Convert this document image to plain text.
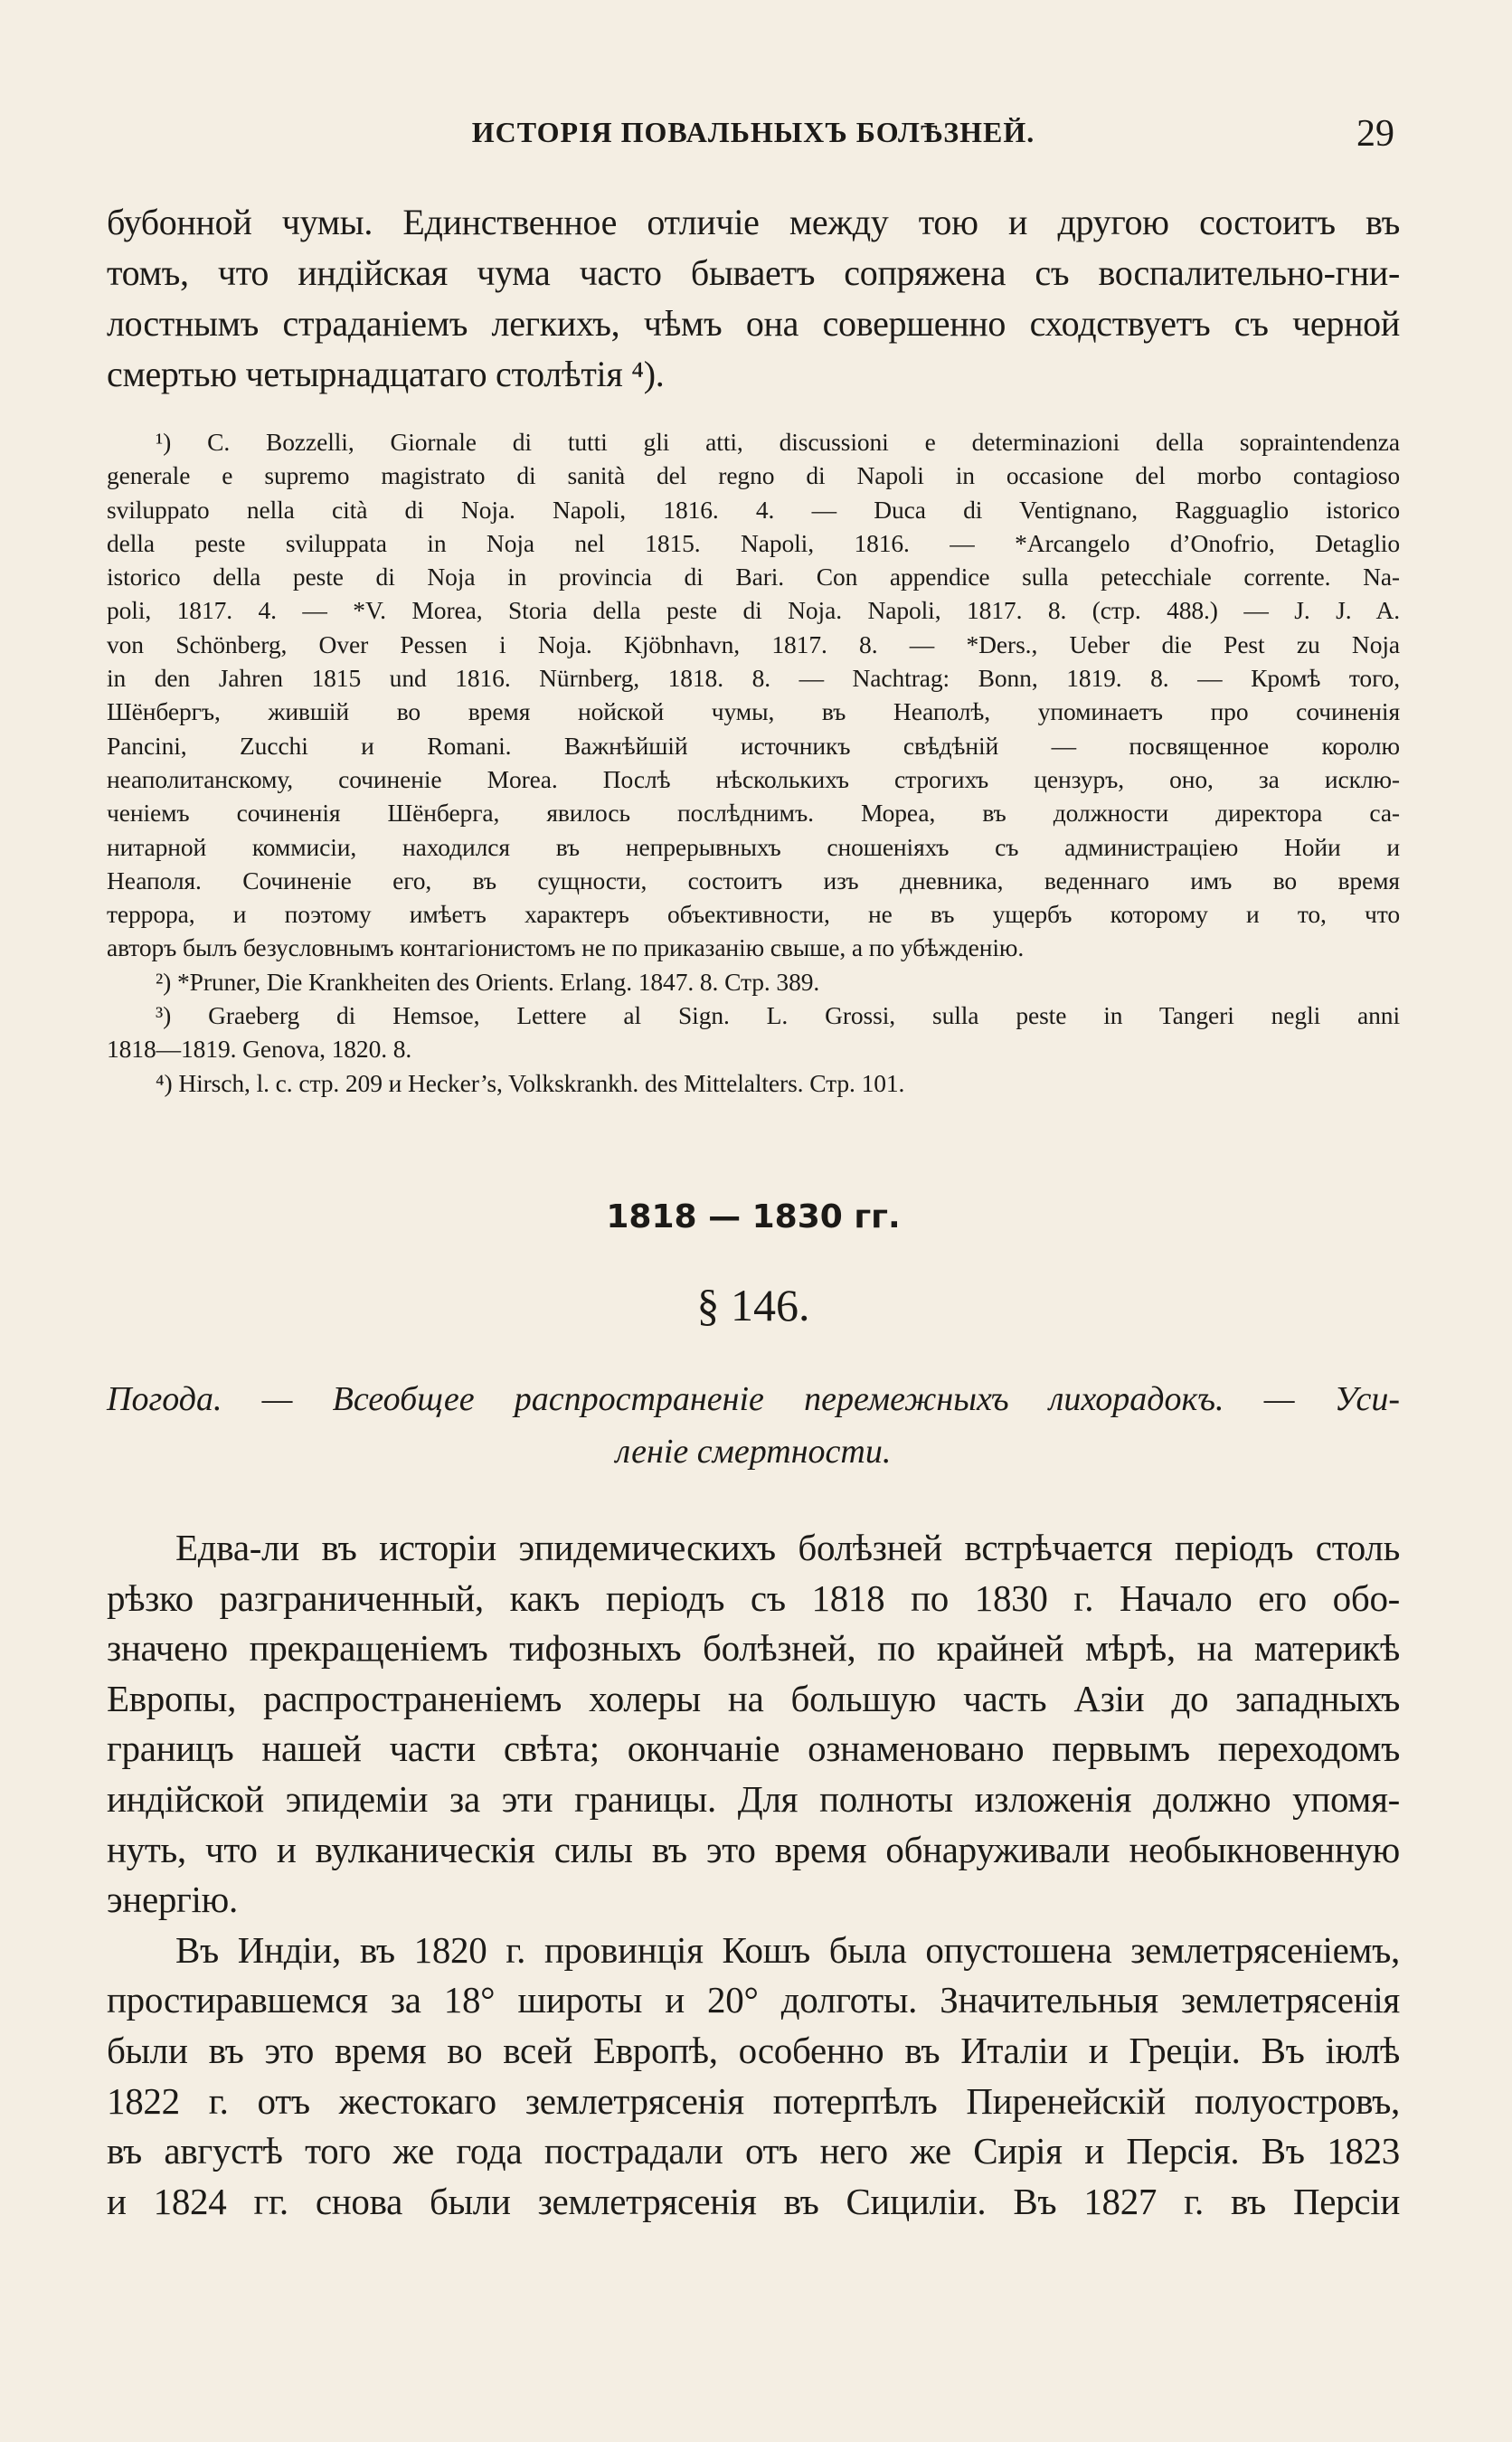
ИСТОРІЯ ПОВАЛЬНЫХЪ БОЛѢЗНЕЙ.	29

бубонной чумы. Единственное отличіе между тою и другою состоитъ въ

томъ, что индійская чума часто бываетъ сопряжена съ воспалительно-гни-

лостнымъ страданіемъ легкихъ, чѣмъ она совершенно сходствуетъ съ черной

смертью четырнадцатаго столѣтія ⁴).

¹) C. Bozzelli, Giornale di tutti gli atti, discussioni e determinazioni della sopraintendenza

generale e supremo magistrato di sanità del regno di Napoli in occasione del morbo contagioso

sviluppato nella cità di Noja. Napoli, 1816. 4. — Duca di Ventignano, Ragguaglio istorico

della peste sviluppata in Noja nel 1815. Napoli, 1816. — *Arcangelo d’Onofrio, Detaglio

istorico della peste di Noja in provincia di Bari. Con appendice sulla petecchiale corrente. Na-

poli, 1817. 4. — *V. Morea, Storia della peste di Noja. Napoli, 1817. 8. (стр. 488.) — J. J. A.

von Schönberg, Over Pessen i Noja. Kjöbnhavn, 1817. 8. — *Ders., Ueber die Pest zu Noja

in den Jahren 1815 und 1816. Nürnberg, 1818. 8. — Nachtrag: Bonn, 1819. 8. — Кромѣ того,

Шёнбергъ, жившій во время нойской чумы, въ Неаполѣ, упоминаетъ про сочиненія

Pancini, Zucchi и Romani. Важнѣйшій источникъ свѣдѣній — посвященное королю

неаполитанскому, сочиненіе Morea. Послѣ нѣсколькихъ строгихъ цензуръ, оно, за исклю-

ченіемъ сочиненія Шёнберга, явилось послѣднимъ. Мореа, въ должности директора са-

нитарной коммисіи, находился въ непрерывныхъ сношеніяхъ съ администраціею Нойи и

Неаполя. Сочиненіе его, въ сущности, состоитъ изъ дневника, веденнаго имъ во время

террора, и поэтому имѣетъ характеръ объективности, не въ ущербъ которому и то, что

авторъ былъ безусловнымъ контагіонистомъ не по приказанію свыше, а по убѣжденію.

²) *Pruner, Die Krankheiten des Orients. Erlang. 1847. 8. Стр. 389.

³) Graeberg di Hemsoe, Lettere al Sign. L. Grossi, sulla peste in Tangeri negli anni

1818—1819. Genova, 1820. 8.

⁴) Hirsch, l. c. стр. 209 и Hecker’s, Volkskrankh. des Mittelalters. Стр. 101.

1818 — 1830 гг.
§ 146.

Погода. — Всеобщее распространеніе перемежныхъ лихорадокъ. — Уси-

леніе смертности.

Едва-ли въ исторіи эпидемическихъ болѣзней встрѣчается періодъ столь

рѣзко разграниченный, какъ періодъ съ 1818 по 1830 г. Начало его обо-

значено прекращеніемъ тифозныхъ болѣзней, по крайней мѣрѣ, на материкѣ

Европы, распространеніемъ холеры на большую часть Азіи до западныхъ

границъ нашей части свѣта; окончаніе ознаменовано первымъ переходомъ

индійской эпидеміи за эти границы. Для полноты изложенія должно упомя-

нуть, что и вулканическія силы въ это время обнаруживали необыкновенную

энергію.

Въ Индіи, въ 1820 г. провинція Кошъ была опустошена землетрясеніемъ,

простиравшемся за 18° широты и 20° долготы. Значительныя землетрясенія

были въ это время во всей Европѣ, особенно въ Италіи и Греціи. Въ іюлѣ

1822 г. отъ жестокаго землетрясенія потерпѣлъ Пиренейскій полуостровъ,

въ августѣ того же года пострадали отъ него же Сирія и Персія. Въ 1823

и 1824 гг. снова были землетрясенія въ Сициліи. Въ 1827 г. въ Персіи
